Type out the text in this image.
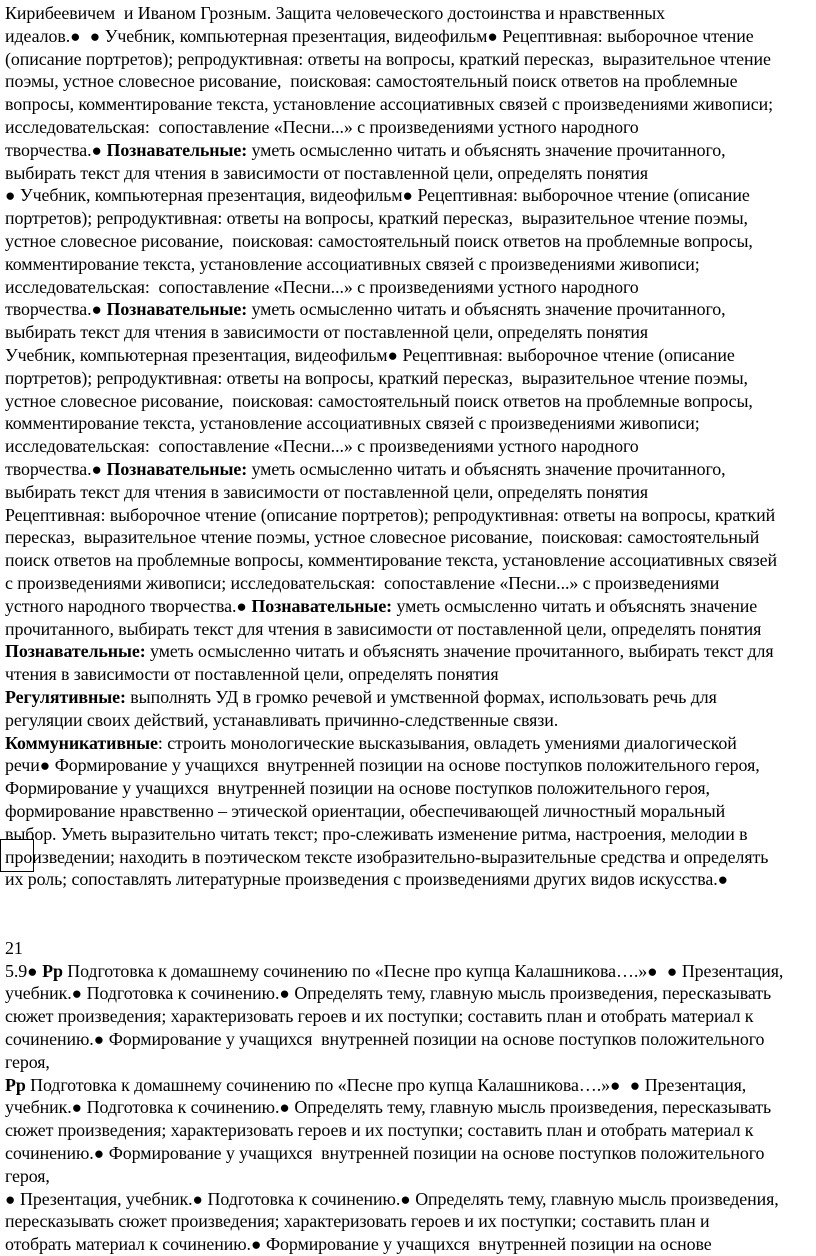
Кирибеевичем  и Иваном Грозным. Защита человеческого достоинства и нравственных
идеалов.●  ● Учебник, компьютерная презентация, видеофильм● Рецептивная: выборочное чтение
(описание портретов); репродуктивная: ответы на вопросы, краткий пересказ,  выразительное чтение
поэмы, устное словесное рисование,  поисковая: самостоятельный поиск ответов на проблемные
вопросы, комментирование текста, установление ассоциативных связей с произведениями живописи;
исследовательская:  сопоставление «Песни...» с произведениями устного народного
творчества.● Познавательные: уметь осмысленно читать и объяснять значение прочитанного,
выбирать текст для чтения в зависимости от поставленной цели, определять понятия
● Учебник, компьютерная презентация, видеофильм● Рецептивная: выборочное чтение (описание
портретов); репродуктивная: ответы на вопросы, краткий пересказ,  выразительное чтение поэмы,
устное словесное рисование,  поисковая: самостоятельный поиск ответов на проблемные вопросы,
комментирование текста, установление ассоциативных связей с произведениями живописи;
исследовательская:  сопоставление «Песни...» с произведениями устного народного
творчества.● Познавательные: уметь осмысленно читать и объяснять значение прочитанного,
выбирать текст для чтения в зависимости от поставленной цели, определять понятия
Учебник, компьютерная презентация, видеофильм● Рецептивная: выборочное чтение (описание
портретов); репродуктивная: ответы на вопросы, краткий пересказ,  выразительное чтение поэмы,
устное словесное рисование,  поисковая: самостоятельный поиск ответов на проблемные вопросы,
комментирование текста, установление ассоциативных связей с произведениями живописи;
исследовательская:  сопоставление «Песни...» с произведениями устного народного
творчества.● Познавательные: уметь осмысленно читать и объяснять значение прочитанного,
выбирать текст для чтения в зависимости от поставленной цели, определять понятия
Рецептивная: выборочное чтение (описание портретов); репродуктивная: ответы на вопросы, краткий
пересказ,  выразительное чтение поэмы, устное словесное рисование,  поисковая: самостоятельный
поиск ответов на проблемные вопросы, комментирование текста, установление ассоциативных связей
с произведениями живописи; исследовательская:  сопоставление «Песни...» с произведениями
устного народного творчества.● Познавательные: уметь осмысленно читать и объяснять значение
прочитанного, выбирать текст для чтения в зависимости от поставленной цели, определять понятия
Познавательные: уметь осмысленно читать и объяснять значение прочитанного, выбирать текст для
чтения в зависимости от поставленной цели, определять понятия
Регулятивные: выполнять УД в громко речевой и умственной формах, использовать речь для
регуляции своих действий, устанавливать причинно-следственные связи.
Коммуникативные: строить монологические высказывания, овладеть умениями диалогической
речи● Формирование у учащихся  внутренней позиции на основе поступков положительного героя,
Формирование у учащихся  внутренней позиции на основе поступков положительного героя,
формирование нравственно – этической ориентации, обеспечивающей личностный моральный
выбор. Уметь выразительно читать текст; про-слеживать изменение ритма, настроения, мелодии в
произведении; находить в поэтическом тексте изобразительно-выразительные средства и определять
их роль; сопоставлять литературные произведения с произведениями других видов искусства.●
21
5.9● Рр Подготовка к домашнему сочинению по «Песне про купца Калашникова….»●  ● Презентация,
учебник.● Подготовка к сочинению.● Определять тему, главную мысль произведения, пересказывать
сюжет произведения; характеризовать героев и их поступки; составить план и отобрать материал к
сочинению.● Формирование у учащихся  внутренней позиции на основе поступков положительного
героя,
Рр Подготовка к домашнему сочинению по «Песне про купца Калашникова….»●  ● Презентация,
учебник.● Подготовка к сочинению.● Определять тему, главную мысль произведения, пересказывать
сюжет произведения; характеризовать героев и их поступки; составить план и отобрать материал к
сочинению.● Формирование у учащихся  внутренней позиции на основе поступков положительного
героя,
● Презентация, учебник.● Подготовка к сочинению.● Определять тему, главную мысль произведения,
пересказывать сюжет произведения; характеризовать героев и их поступки; составить план и
отобрать материал к сочинению.● Формирование у учащихся  внутренней позиции на основе
